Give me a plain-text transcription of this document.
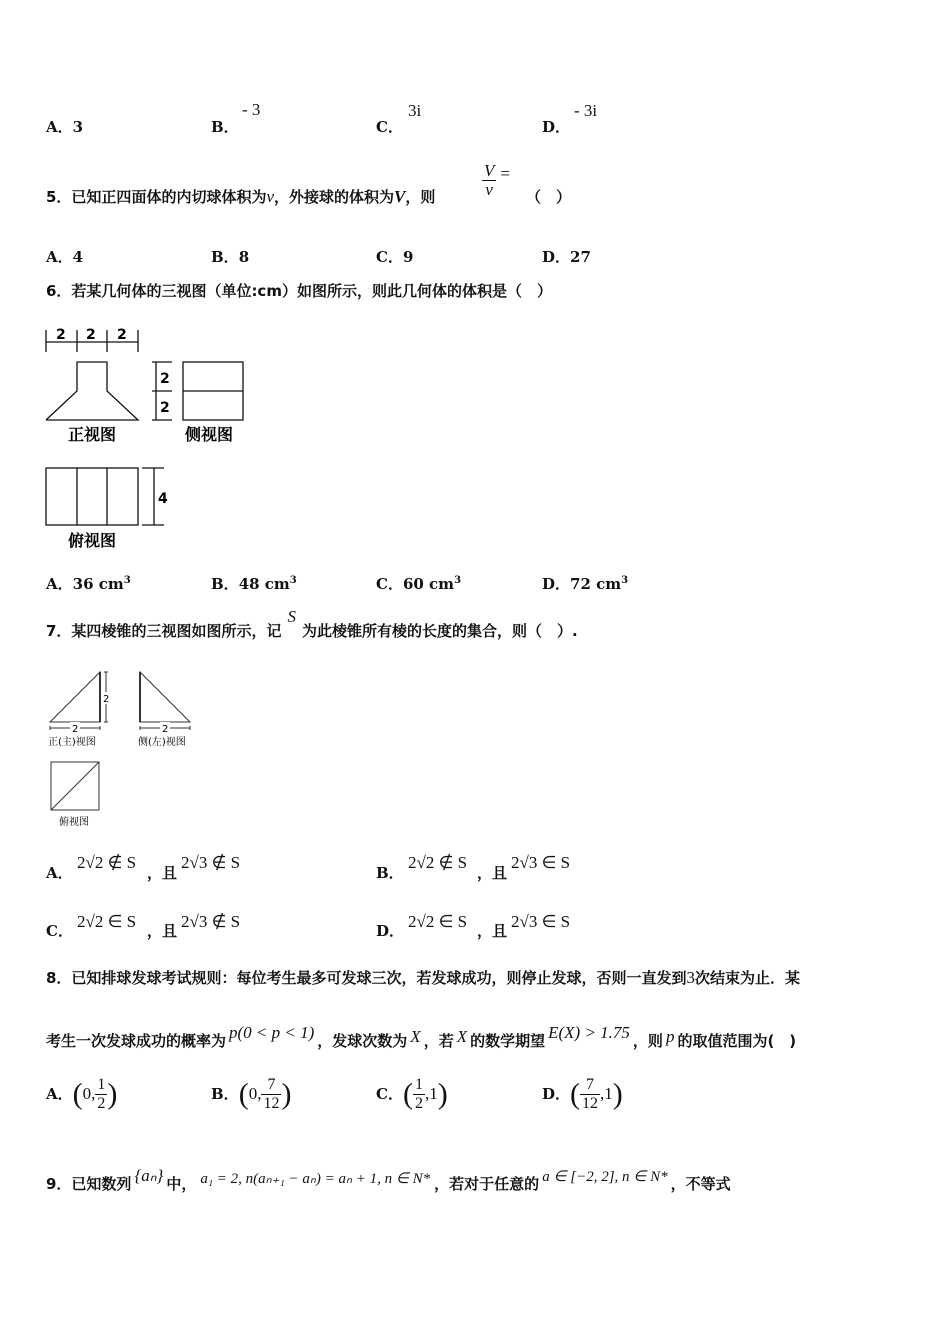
A．3	B．
- 3
C．
3i
D．
- 3i
5．已知正四面体的内切球体积为v，外接球的体积为V，则	$\frac{V}{v}$ =
（　）
A．4	B．8	C．9	D．27
6．若某几何体的三视图（单位:cm）如图所示，则此几何体的体积是（　）
2 2 2
2
2
4
正视图	侧视图
俯视图
A．36 $cm^3$	B．48 $cm^3$	C．60 $cm^3$	D．72 $cm^3$
7．某四棱锥的三视图如图所示，记S为此棱锥所有棱的长度的集合，则（　）.
2
2	2
正(主)视图	侧(左)视图
俯视图
A．
2√2 ∉ S
，且
2√3 ∉ S
B．
2√2 ∉ S
，且
2√3 ∈ S
C． 2√2 ∈ S ，且 2√3 ∉ S	D． 2√2 ∈ S ，且 2√3 ∈ S
8．已知排球发球考试规则：每位考生最多可发球三次，若发球成功，则停止发球，否则一直发到3次结束为止．某
考生一次发球成功的概率为 p(0 < p < 1) ，发球次数为 X ，若 X 的数学期望 E(X) > 1.75 ，则 p 的取值范围为(　)
A．(0, $\frac{1}{2}$ )	B．(0, $\frac{7}{12}$ )	C．( $\frac{1}{2} ,1$)	D．( $\frac{7}{12} ,1$)
9．已知数列 {aₙ} 中， a₁ = 2, n(aₙ₊₁ − aₙ) = aₙ + 1, n ∈ N* ，若对于任意的 a ∈ [−2, 2], n ∈ N* ，不等式
